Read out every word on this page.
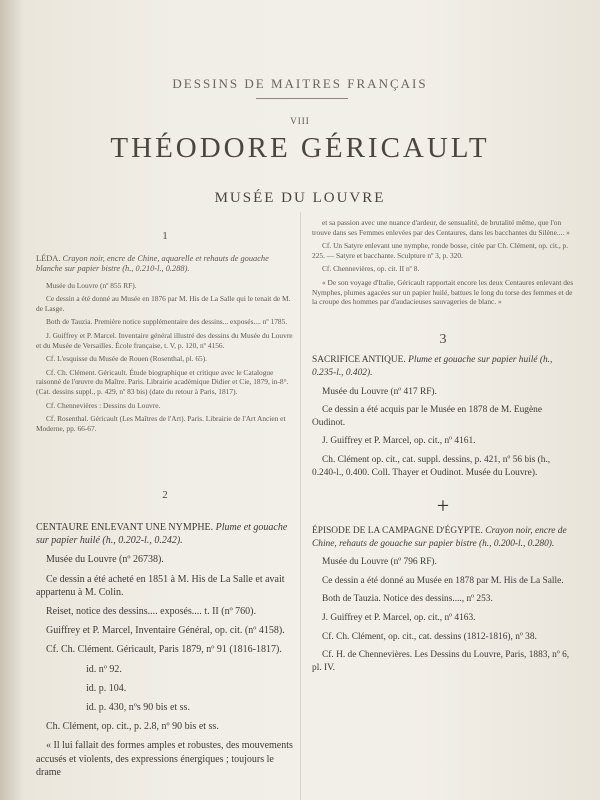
DESSINS DE MAITRES FRANÇAIS
VIII
THÉODORE GÉRICAULT
MUSÉE DU LOUVRE

1

LÉDA. Crayon noir, encre de Chine, aquarelle et rehauts de gouache blanche sur papier bistre (h., 0.210-l., 0.288).

Musée du Louvre (nº 855 RF).

Ce dessin a été donné au Musée en 1876 par M. His de La Salle qui le tenait de M. de Lasge.

Both de Tauzia. Première notice supplémentaire des dessins... exposés.... nº 1785.

J. Guiffrey et P. Marcel. Inventaire général illustré des dessins du Musée du Louvre et du Musée de Versailles. École française, t. V, p. 120, nº 4156.

Cf. L'esquisse du Musée de Rouen (Rosenthal, pl. 65).

Cf. Ch. Clément. Géricault. Étude biographique et critique avec le Catalogue raisonné de l'œuvre du Maître. Paris. Librairie académique Didier et Cie, 1879, in-8°. (Cat. dessins suppl., p. 429, nº 83 bis) (date du retour à Paris, 1817).

Cf. Chennevières : Dessins du Louvre.

Cf. Rosenthal. Géricault (Les Maîtres de l'Art). Paris. Librairie de l'Art Ancien et Moderne, pp. 66-67.

2

CENTAURE ENLEVANT UNE NYMPHE. Plume et gouache sur papier huilé (h., 0.202-l., 0.242).

Musée du Louvre (nº 26738).

Ce dessin a été acheté en 1851 à M. His de La Salle et avait appartenu à M. Colin.

Reiset, notice des dessins.... exposés.... t. II (nº 760).

Guiffrey et P. Marcel, Inventaire Général, op. cit. (nº 4158).

Cf. Ch. Clément. Géricault, Paris 1879, nº 91 (1816-1817).

id. nº 92.

id. p. 104.

id. p. 430, nºs 90 bis et ss.

Ch. Clément, op. cit., p. 2.8, nº 90 bis et ss.

« Il lui fallait des formes amples et robustes, des mouvements accusés et violents, des expressions énergiques ; toujours le drame

et sa passion avec une nuance d'ardeur, de sensualité, de brutalité même, que l'on trouve dans ses Femmes enlevées par des Centaures, dans les bacchantes du Silène.... »

Cf. Un Satyre enlevant une nymphe, ronde bosse, citée par Ch. Clément, op. cit., p. 225. — Satyre et bacchante. Sculpture nº 3, p. 320.

Cf. Chennevières, op. cit. II nº 8.

« De son voyage d'Italie, Géricault rapportait encore les deux Centaures enlevant des Nymphes, plumes agacées sur un papier huilé, battues le long du torse des femmes et de la croupe des hommes par d'audacieuses sauvageries de blanc. »

3

SACRIFICE ANTIQUE. Plume et gouache sur papier huilé (h., 0.235-l., 0.402).

Musée du Louvre (nº 417 RF).

Ce dessin a été acquis par le Musée en 1878 de M. Eugène Oudinot.

J. Guiffrey et P. Marcel, op. cit., nº 4161.

Ch. Clément op. cit., cat. suppl. dessins, p. 421, nº 56 bis (h., 0.240-l., 0.400. Coll. Thayer et Oudinot. Musée du Louvre).

+

ÉPISODE DE LA CAMPAGNE D'ÉGYPTE. Crayon noir, encre de Chine, rehauts de gouache sur papier bistre (h., 0.200-l., 0.280).

Musée du Louvre (nº 796 RF).

Ce dessin a été donné au Musée en 1878 par M. His de La Salle.

Both de Tauzia. Notice des dessins...., nº 253.

J. Guiffrey et P. Marcel, op. cit., nº 4163.

Cf. Ch. Clément, op. cit., cat. dessins (1812-1816), nº 38.

Cf. H. de Chennevières. Les Dessins du Louvre, Paris, 1883, nº 6, pl. IV.
